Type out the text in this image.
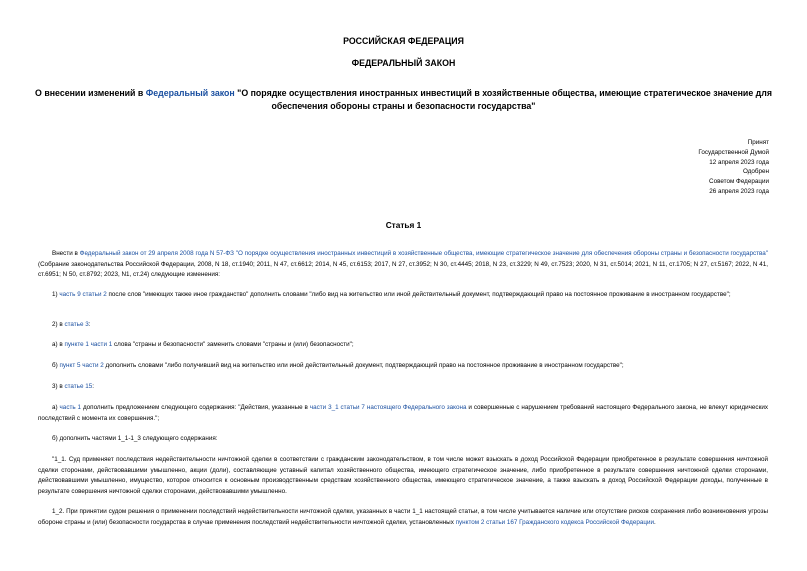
РОССИЙСКАЯ ФЕДЕРАЦИЯ
ФЕДЕРАЛЬНЫЙ ЗАКОН
О внесении изменений в Федеральный закон "О порядке осуществления иностранных инвестиций в хозяйственные общества, имеющие стратегическое значение для обеспечения обороны страны и безопасности государства"
Принят
Государственной Думой
12 апреля 2023 года
Одобрен
Советом Федерации
26 апреля 2023 года
Статья 1
Внести в Федеральный закон от 29 апреля 2008 года N 57-ФЗ "О порядке осуществления иностранных инвестиций в хозяйственные общества, имеющие стратегическое значение для обеспечения обороны страны и безопасности государства" (Собрание законодательства Российской Федерации, 2008, N 18, ст.1940; 2011, N 47, ст.6612; 2014, N 45, ст.6153; 2017, N 27, ст.3952; N 30, ст.4445; 2018, N 23, ст.3229; N 49, ст.7523; 2020, N 31, ст.5014; 2021, N 11, ст.1705; N 27, ст.5167; 2022, N 41, ст.6951; N 50, ст.8792; 2023, N1, ст.24) следующие изменения:
1) часть 9 статьи 2 после слов "имеющих также иное гражданство" дополнить словами "либо вид на жительство или иной действительный документ, подтверждающий право на постоянное проживание в иностранном государстве";
2) в статье 3:
а) в пункте 1 части 1 слова "страны и безопасности" заменить словами "страны и (или) безопасности";
б) пункт 5 части 2 дополнить словами "либо получивший вид на жительство или иной действительный документ, подтверждающий право на постоянное проживание в иностранном государстве";
3) в статье 15:
а) часть 1 дополнить предложением следующего содержания: "Действия, указанные в части 3_1 статьи 7 настоящего Федерального закона и совершенные с нарушением требований настоящего Федерального закона, не влекут юридических последствий с момента их совершения.";
б) дополнить частями 1_1-1_3 следующего содержания:
"1_1. Суд применяет последствия недействительности ничтожной сделки в соответствии с гражданским законодательством, в том числе может взыскать в доход Российской Федерации приобретенное в результате совершения ничтожной сделки сторонами, действовавшими умышленно, акции (доли), составляющие уставный капитал хозяйственного общества, имеющего стратегическое значение, либо приобретенное в результате совершения ничтожной сделки сторонами, действовавшими умышленно, имущество, которое относится к основным производственным средствам хозяйственного общества, имеющего стратегическое значение, а также взыскать в доход Российской Федерации доходы, полученные в результате совершения ничтожной сделки сторонами, действовавшими умышленно.
1_2. При принятии судом решения о применении последствий недействительности ничтожной сделки, указанных в части 1_1 настоящей статьи, в том числе учитывается наличие или отсутствие рисков сохранения либо возникновения угрозы обороне страны и (или) безопасности государства в случае применения последствий недействительности ничтожной сделки, установленных пунктом 2 статьи 167 Гражданского кодекса Российской Федерации.
